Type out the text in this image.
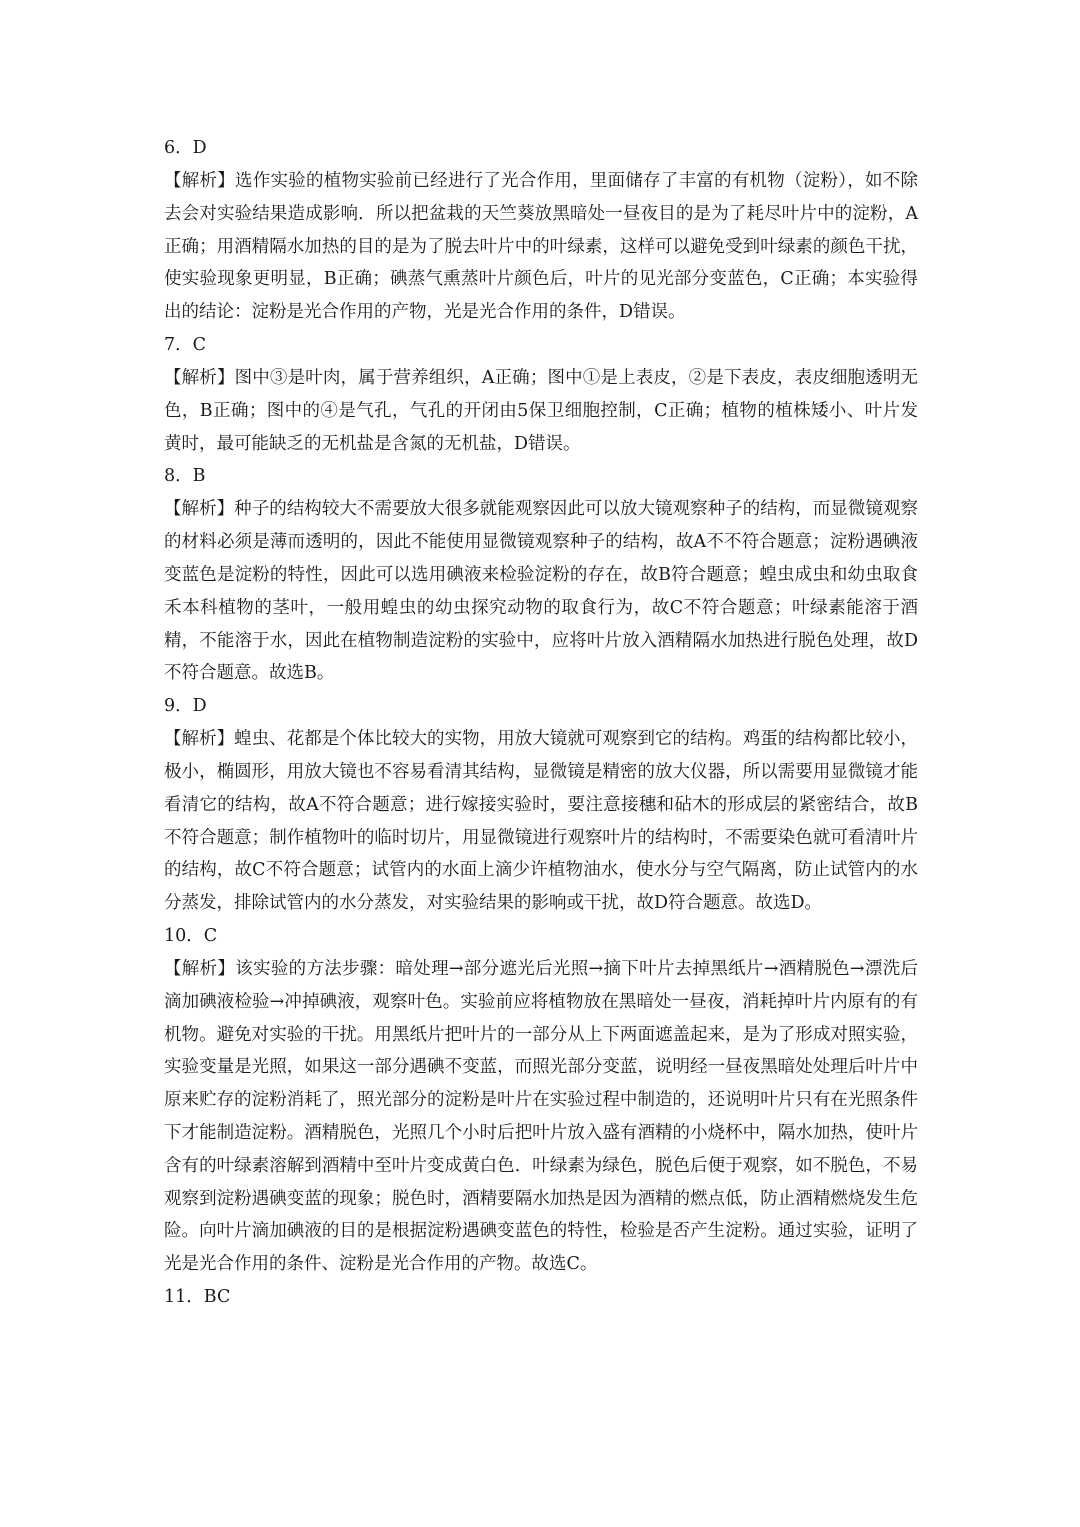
6．D

【解析】选作实验的植物实验前已经进行了光合作用，里面储存了丰富的有机物（淀粉），如不除去会对实验结果造成影响．所以把盆栽的天竺葵放黑暗处一昼夜目的是为了耗尽叶片中的淀粉，A正确；用酒精隔水加热的目的是为了脱去叶片中的叶绿素，这样可以避免受到叶绿素的颜色干扰，使实验现象更明显，B正确；碘蒸气熏蒸叶片颜色后，叶片的见光部分变蓝色，C正确；本实验得出的结论：淀粉是光合作用的产物，光是光合作用的条件，D错误。

7．C

【解析】图中③是叶肉，属于营养组织，A正确；图中①是上表皮，②是下表皮，表皮细胞透明无色，B正确；图中的④是气孔，气孔的开闭由5保卫细胞控制，C正确；植物的植株矮小、叶片发黄时，最可能缺乏的无机盐是含氮的无机盐，D错误。

8．B

【解析】种子的结构较大不需要放大很多就能观察因此可以放大镜观察种子的结构，而显微镜观察的材料必须是薄而透明的，因此不能使用显微镜观察种子的结构，故A不不符合题意；淀粉遇碘液变蓝色是淀粉的特性，因此可以选用碘液来检验淀粉的存在，故B符合题意；蝗虫成虫和幼虫取食禾本科植物的茎叶，一般用蝗虫的幼虫探究动物的取食行为，故C不符合题意；叶绿素能溶于酒精，不能溶于水，因此在植物制造淀粉的实验中，应将叶片放入酒精隔水加热进行脱色处理，故D不符合题意。故选B。

9．D

【解析】蝗虫、花都是个体比较大的实物，用放大镜就可观察到它的结构。鸡蛋的结构都比较小，极小，椭圆形，用放大镜也不容易看清其结构，显微镜是精密的放大仪器，所以需要用显微镜才能看清它的结构，故A不符合题意；进行嫁接实验时，要注意接穗和砧木的形成层的紧密结合，故B不符合题意；制作植物叶的临时切片，用显微镜进行观察叶片的结构时，不需要染色就可看清叶片的结构，故C不符合题意；试管内的水面上滴少许植物油水，使水分与空气隔离，防止试管内的水分蒸发，排除试管内的水分蒸发，对实验结果的影响或干扰，故D符合题意。故选D。

10．C

【解析】该实验的方法步骤：暗处理→部分遮光后光照→摘下叶片去掉黑纸片→酒精脱色→漂洗后滴加碘液检验→冲掉碘液，观察叶色。实验前应将植物放在黑暗处一昼夜，消耗掉叶片内原有的有机物。避免对实验的干扰。用黑纸片把叶片的一部分从上下两面遮盖起来，是为了形成对照实验，实验变量是光照，如果这一部分遇碘不变蓝，而照光部分变蓝，说明经一昼夜黑暗处处理后叶片中原来贮存的淀粉消耗了，照光部分的淀粉是叶片在实验过程中制造的，还说明叶片只有在光照条件下才能制造淀粉。酒精脱色，光照几个小时后把叶片放入盛有酒精的小烧杯中，隔水加热，使叶片含有的叶绿素溶解到酒精中至叶片变成黄白色．叶绿素为绿色，脱色后便于观察，如不脱色，不易观察到淀粉遇碘变蓝的现象；脱色时，酒精要隔水加热是因为酒精的燃点低，防止酒精燃烧发生危险。向叶片滴加碘液的目的是根据淀粉遇碘变蓝色的特性，检验是否产生淀粉。通过实验，证明了光是光合作用的条件、淀粉是光合作用的产物。故选C。

11．BC
